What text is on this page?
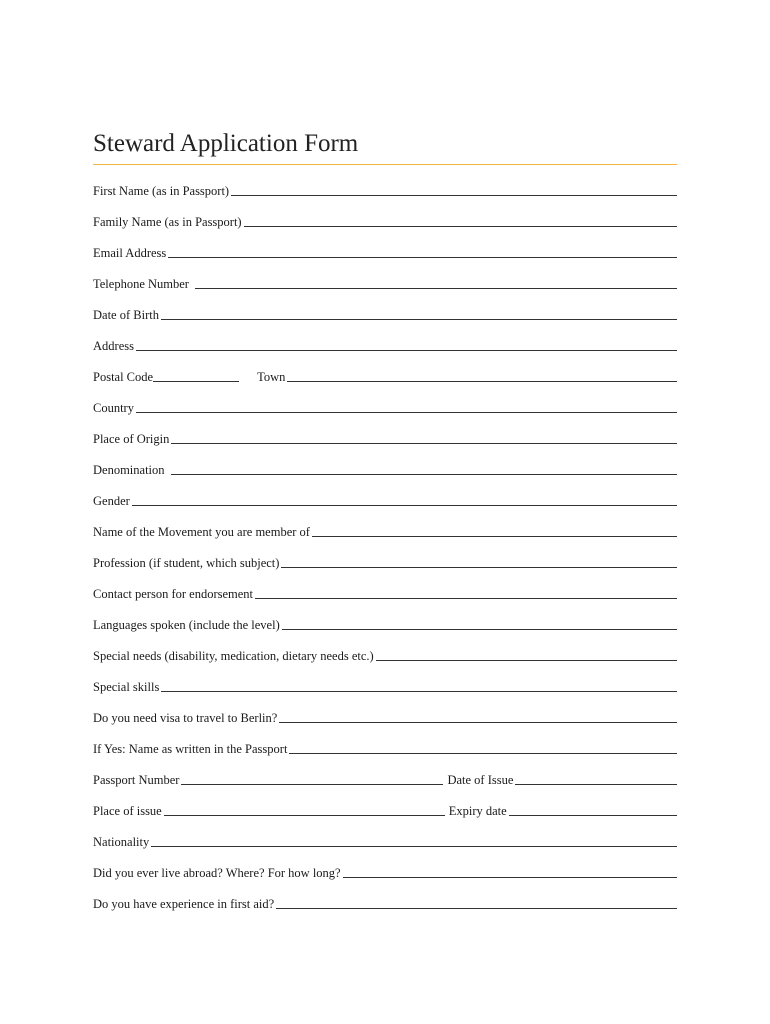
Steward Application Form
First Name (as in Passport)
Family Name (as in Passport)
Email Address
Telephone Number
Date of Birth
Address
Postal Code	Town
Country
Place of Origin
Denomination
Gender
Name of the Movement you are member of
Profession (if student, which subject)
Contact person for endorsement
Languages spoken (include the level)
Special needs (disability, medication, dietary needs etc.)
Special skills
Do you need visa to travel to Berlin?
If Yes: Name as written in the Passport
Passport Number	Date of Issue
Place of issue	Expiry date
Nationality
Did you ever live abroad? Where? For how long?
Do you have experience in first aid?
